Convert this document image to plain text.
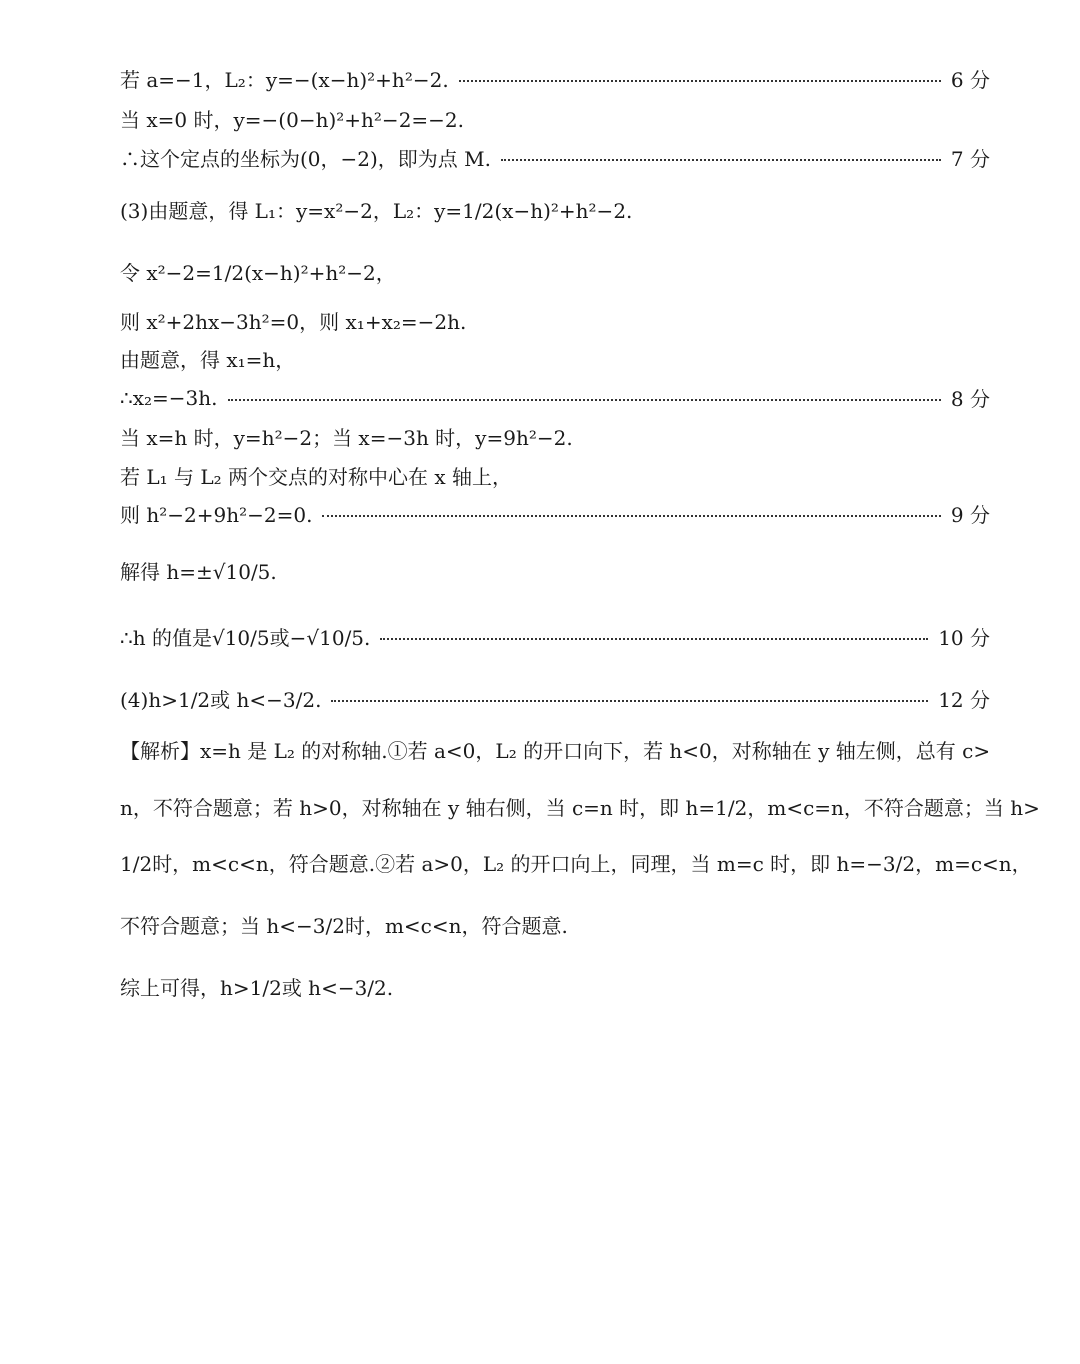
若 a=−1，L₂：y=−(x−h)²+h²−2.	6 分
当 x=0 时，y=−(0−h)²+h²−2=−2.
∴这个定点的坐标为(0，−2)，即为点 M.	7 分
(3)由题意，得 L₁：y=x²−2，L₂：y=1/2(x−h)²+h²−2.
令 x²−2=1/2(x−h)²+h²−2，
则 x²+2hx−3h²=0，则 x₁+x₂=−2h.
由题意，得 x₁=h，
∴x₂=−3h.	8 分
当 x=h 时，y=h²−2；当 x=−3h 时，y=9h²−2.
若 L₁ 与 L₂ 两个交点的对称中心在 x 轴上，
则 h²−2+9h²−2=0.	9 分
解得 h=±√10/5.
∴h 的值是√10/5或−√10/5.	10 分
(4)h>1/2或 h<−3/2.	12 分
【解析】x=h 是 L₂ 的对称轴.①若 a<0，L₂ 的开口向下，若 h<0，对称轴在 y 轴左侧，总有 c>
n，不符合题意；若 h>0，对称轴在 y 轴右侧，当 c=n 时，即 h=1/2，m<c=n，不符合题意；当 h>
1/2时，m<c<n，符合题意.②若 a>0，L₂ 的开口向上，同理，当 m=c 时，即 h=−3/2，m=c<n，
不符合题意；当 h<−3/2时，m<c<n，符合题意.
综上可得，h>1/2或 h<−3/2.
